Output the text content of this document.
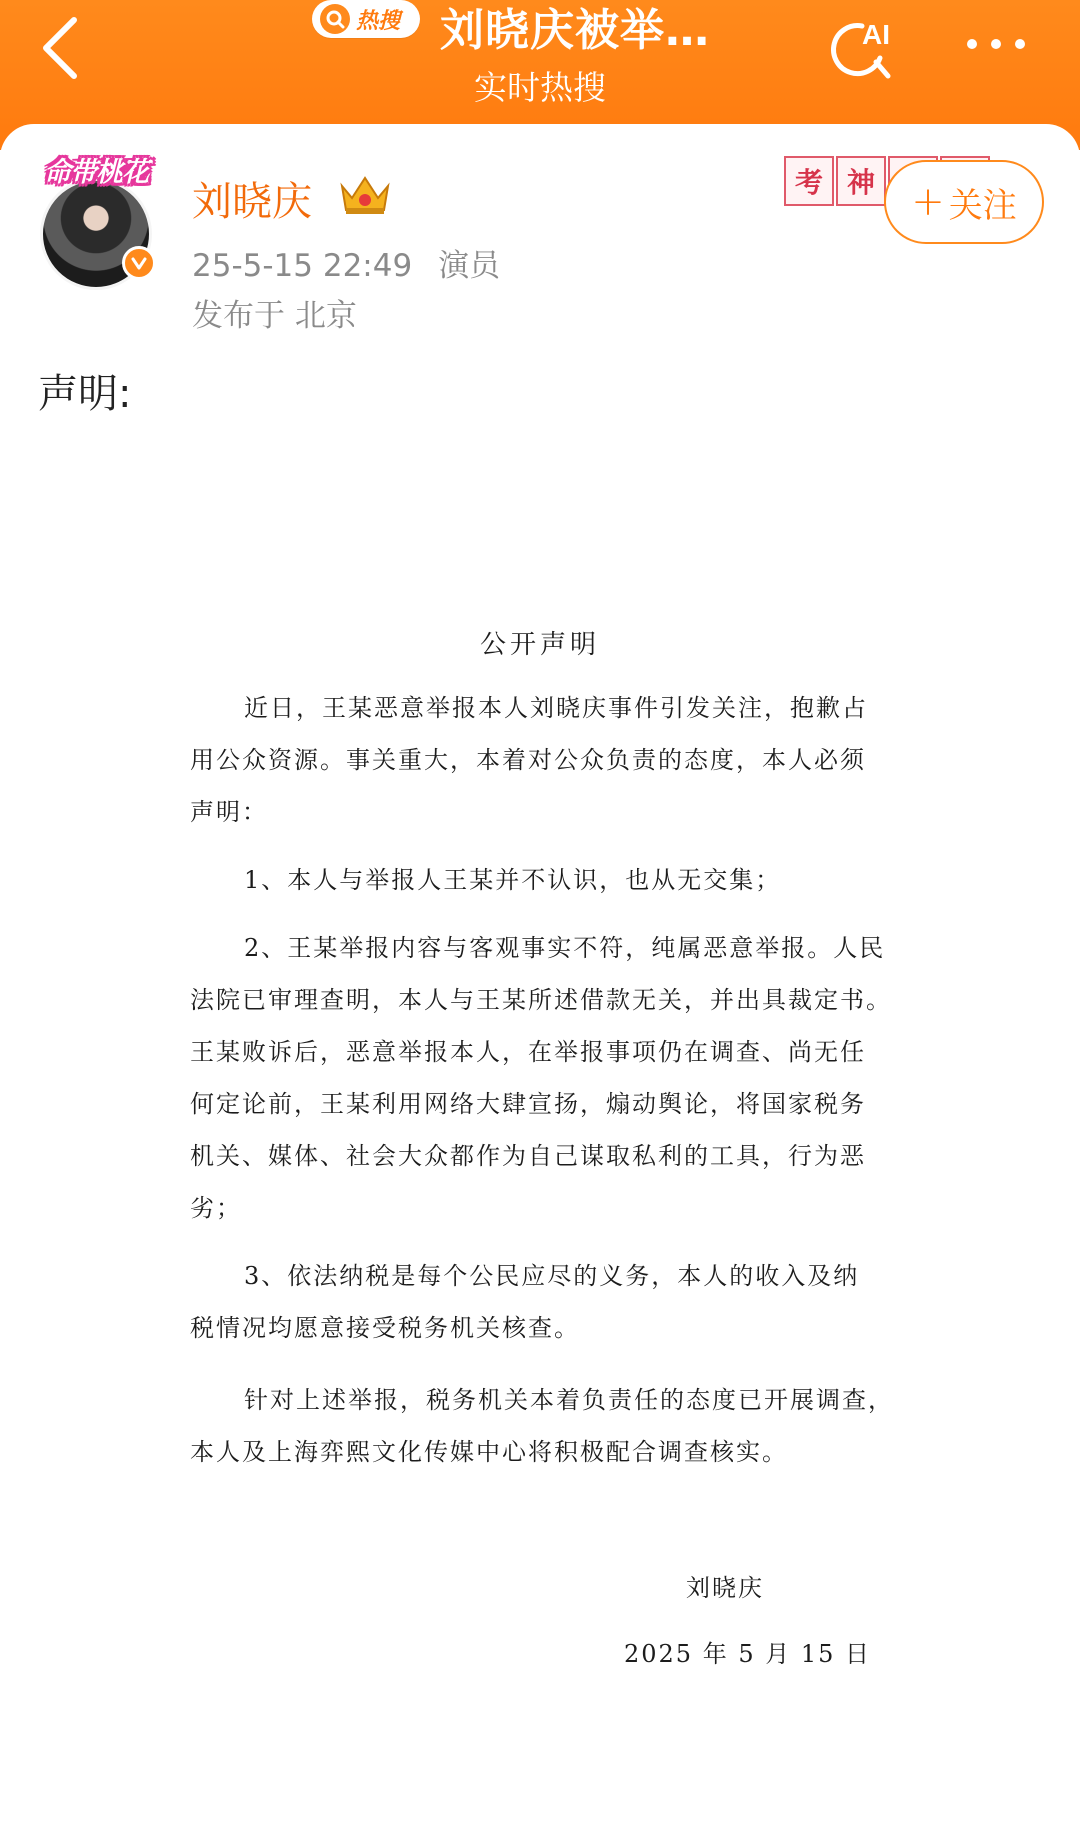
热搜 刘晓庆被举…
实时热搜
AI
命带桃花
刘晓庆
25-5-15 22:49 演员
发布于 北京
考 神 + 关注
声明:
公开声明
近日，王某恶意举报本人刘晓庆事件引发关注，抱歉占
用公众资源。事关重大，本着对公众负责的态度，本人必须
声明：
1、本人与举报人王某并不认识，也从无交集；
2、王某举报内容与客观事实不符，纯属恶意举报。人民
法院已审理查明，本人与王某所述借款无关，并出具裁定书。
王某败诉后，恶意举报本人，在举报事项仍在调查、尚无任
何定论前，王某利用网络大肆宣扬，煽动舆论，将国家税务
机关、媒体、社会大众都作为自己谋取私利的工具，行为恶
劣；
3、依法纳税是每个公民应尽的义务，本人的收入及纳
税情况均愿意接受税务机关核查。
针对上述举报，税务机关本着负责任的态度已开展调查，
本人及上海弈熙文化传媒中心将积极配合调查核实。
刘晓庆
2025 年 5 月 15 日
